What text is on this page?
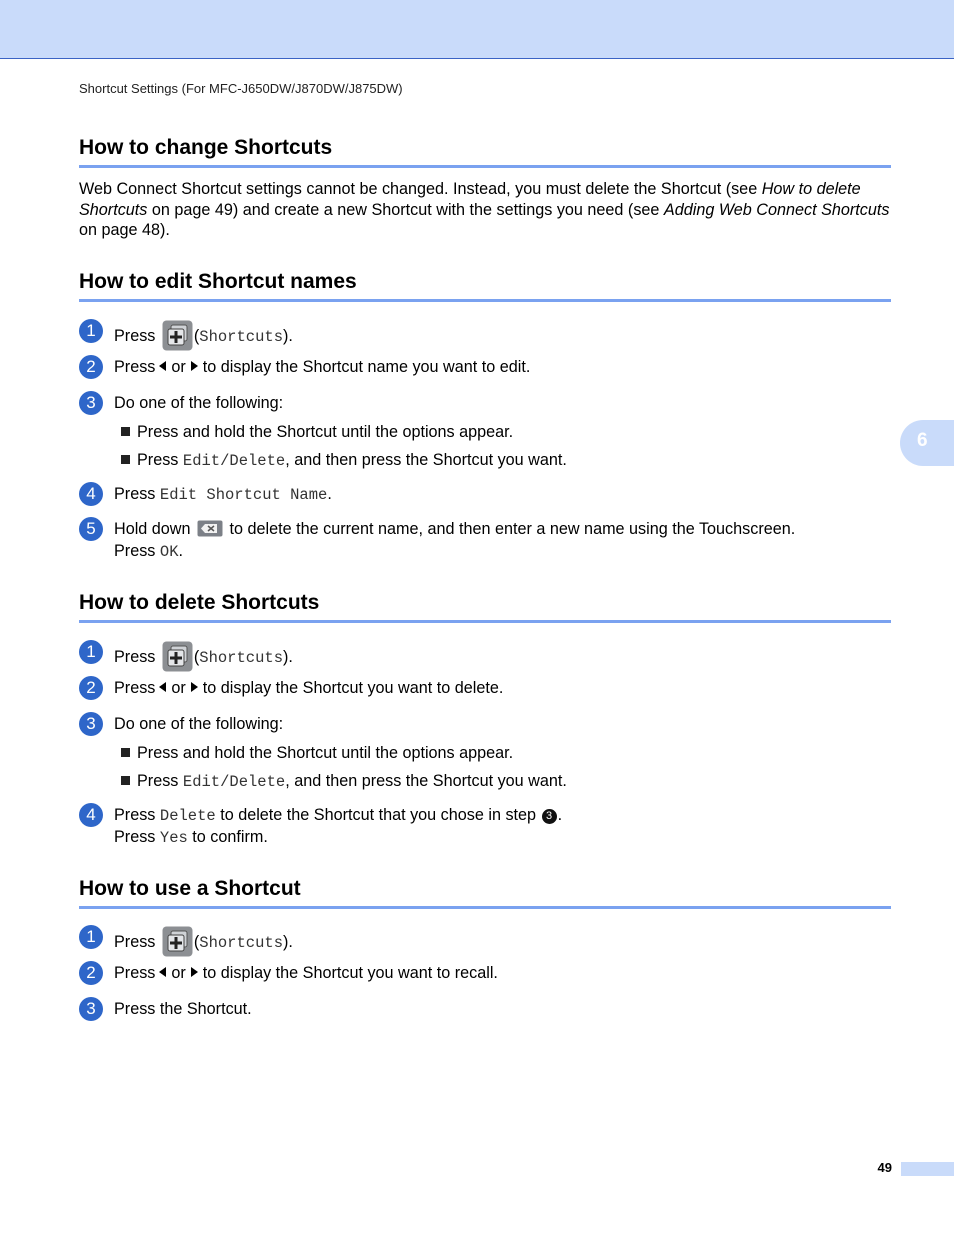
Shortcut Settings (For MFC-J650DW/J870DW/J875DW)
6
How to change Shortcuts

Web Connect Shortcut settings cannot be changed. Instead, you must delete the Shortcut (see How to delete Shortcuts on page 49) and create a new Shortcut with the settings you need (see Adding Web Connect Shortcuts on page 48).

How to edit Shortcut names
1	Press (Shortcuts).
2	Press or to display the Shortcut name you want to edit.
3	Do one of the following:
Press and hold the Shortcut until the options appear.
Press Edit/Delete, and then press the Shortcut you want.
4	Press Edit Shortcut Name.
5	Hold down to delete the current name, and then enter a new name using the Touchscreen.
Press OK.
How to delete Shortcuts
1	Press (Shortcuts).
2	Press or to display the Shortcut you want to delete.
3	Do one of the following:
Press and hold the Shortcut until the options appear.
Press Edit/Delete, and then press the Shortcut you want.
4	Press Delete to delete the Shortcut that you chose in step 3 .
Press Yes to confirm.
How to use a Shortcut
1	Press (Shortcuts).
2	Press or to display the Shortcut you want to recall.
3	Press the Shortcut.
49
